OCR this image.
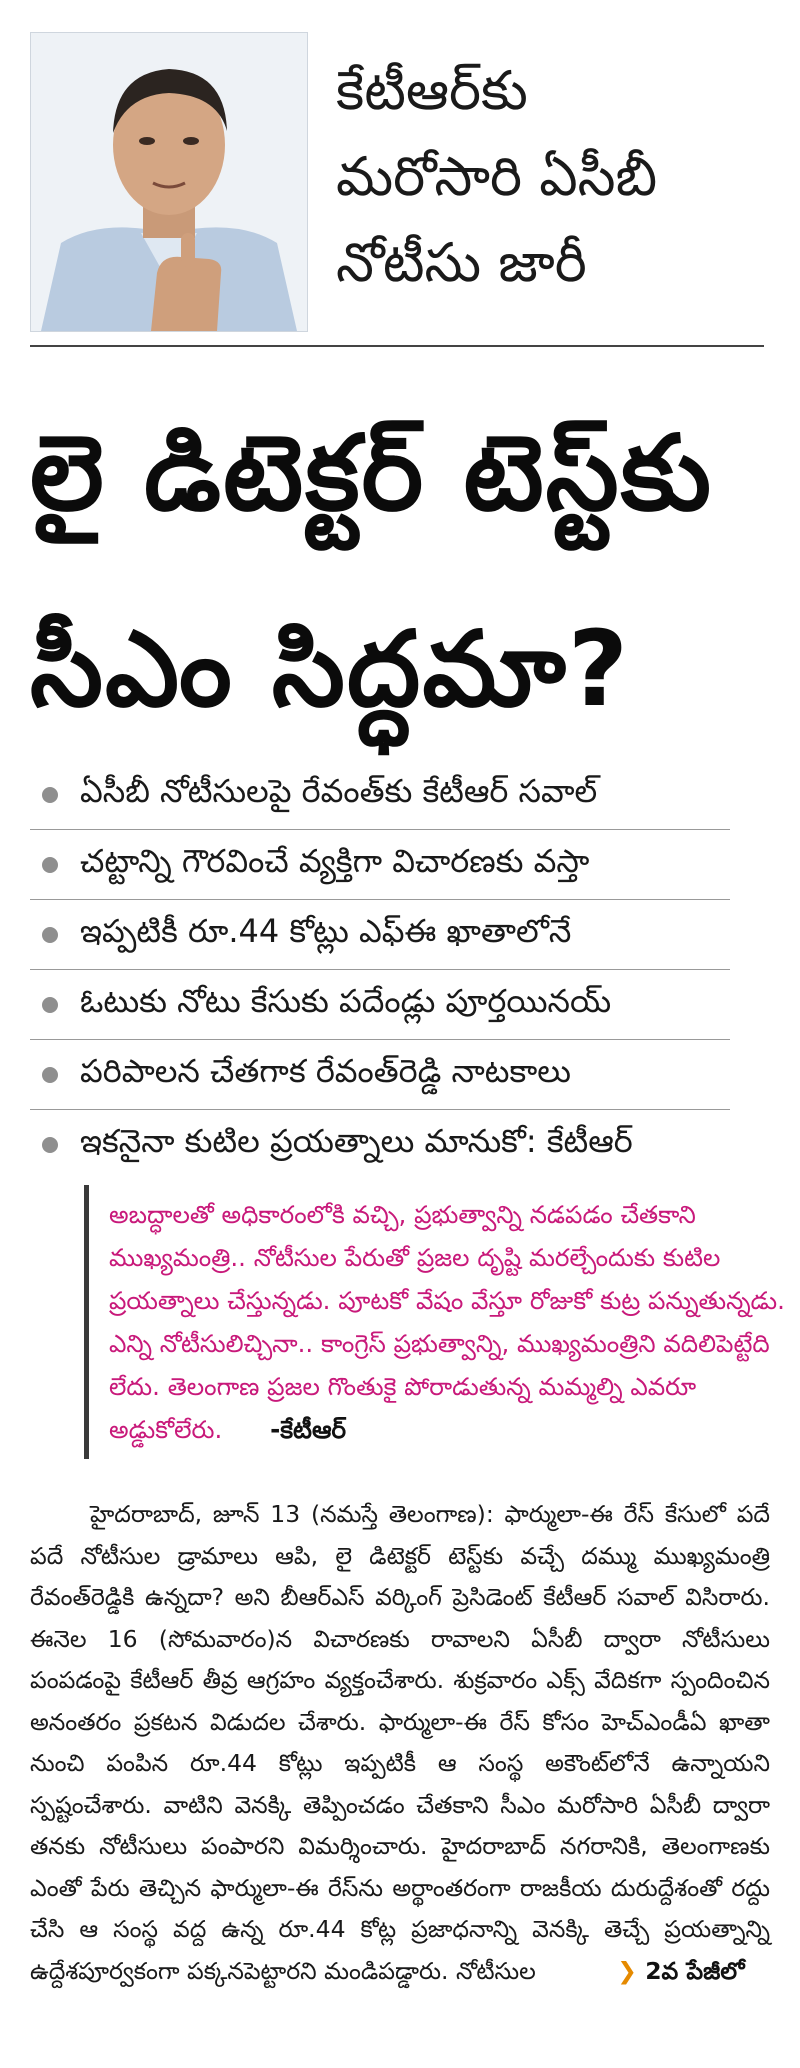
కేటీఆర్‌కు
మరోసారి ఏసీబీ
నోటీసు జారీ
లై డిటెక్టర్‌ టెస్ట్‌కు
సీఎం సిద్ధమా?
ఏసీబీ నోటీసులపై రేవంత్‌కు కేటీఆర్‌ సవాల్‌
చట్టాన్ని గౌరవించే వ్యక్తిగా విచారణకు వస్తా
ఇప్పటికీ రూ.44 కోట్లు ఎఫ్‌ఈ ఖాతాలోనే
ఓటుకు నోటు కేసుకు పదేండ్లు పూర్తయినయ్‌
పరిపాలన చేతగాక రేవంత్‌రెడ్డి నాటకాలు
ఇకనైనా కుటిల ప్రయత్నాలు మానుకో: కేటీఆర్‌
అబద్ధాలతో అధికారంలోకి వచ్చి, ప్రభుత్వాన్ని నడపడం చేతకాని ముఖ్యమంత్రి.. నోటీసుల పేరుతో ప్రజల దృష్టి మరల్చేందుకు కుటిల ప్రయత్నాలు చేస్తున్నడు. పూటకో వేషం వేస్తూ రోజుకో కుట్ర పన్నుతున్నడు. ఎన్ని నోటీసులిచ్చినా.. కాంగ్రెస్‌ ప్రభుత్వాన్ని, ముఖ్యమంత్రిని వదిలిపెట్టేది లేదు. తెలంగాణ ప్రజల గొంతుకై పోరాడుతున్న మమ్మల్ని ఎవరూ అడ్డుకోలేరు. -కేటీఆర్‌
హైదరాబాద్‌, జూన్‌ 13 (నమస్తే తెలంగాణ): ఫార్ములా-ఈ రేస్‌ కేసులో పదే పదే నోటీసుల డ్రామాలు ఆపి, లై డిటెక్టర్‌ టెస్ట్‌కు వచ్చే దమ్ము ముఖ్యమంత్రి రేవంత్‌రెడ్డికి ఉన్నదా? అని బీఆర్‌ఎస్‌ వర్కింగ్‌ ప్రెసిడెంట్‌ కేటీఆర్‌ సవాల్‌ విసిరారు. ఈనెల 16 (సోమవారం)న విచారణకు రావాలని ఏసీబీ ద్వారా నోటీసులు పంపడంపై కేటీఆర్‌ తీవ్ర ఆగ్రహం వ్యక్తంచేశారు. శుక్రవారం ఎక్స్‌ వేదికగా స్పందించిన అనంతరం ప్రకటన విడుదల చేశారు. ఫార్ములా-ఈ రేస్‌ కోసం హెచ్‌ఎండీఏ ఖాతా నుంచి పంపిన రూ.44 కోట్లు ఇప్పటికీ ఆ సంస్థ అకౌంట్‌లోనే ఉన్నాయని స్పష్టంచేశారు. వాటిని వెనక్కి తెప్పించడం చేతకాని సీఎం మరోసారి ఏసీబీ ద్వారా తనకు నోటీసులు పంపారని విమర్శించారు. హైదరాబాద్‌ నగరానికి, తెలంగాణకు ఎంతో పేరు తెచ్చిన ఫార్ములా-ఈ రేస్‌ను అర్థాంతరంగా రాజకీయ దురుద్దేశంతో రద్దు చేసి ఆ సంస్థ వద్ద ఉన్న రూ.44 కోట్ల ప్రజాధనాన్ని వెనక్కి తెచ్చే ప్రయత్నాన్ని ఉద్దేశపూర్వకంగా పక్కనపెట్టారని మండిపడ్డారు. నోటీసుల	❯ 2వ పేజీలో
